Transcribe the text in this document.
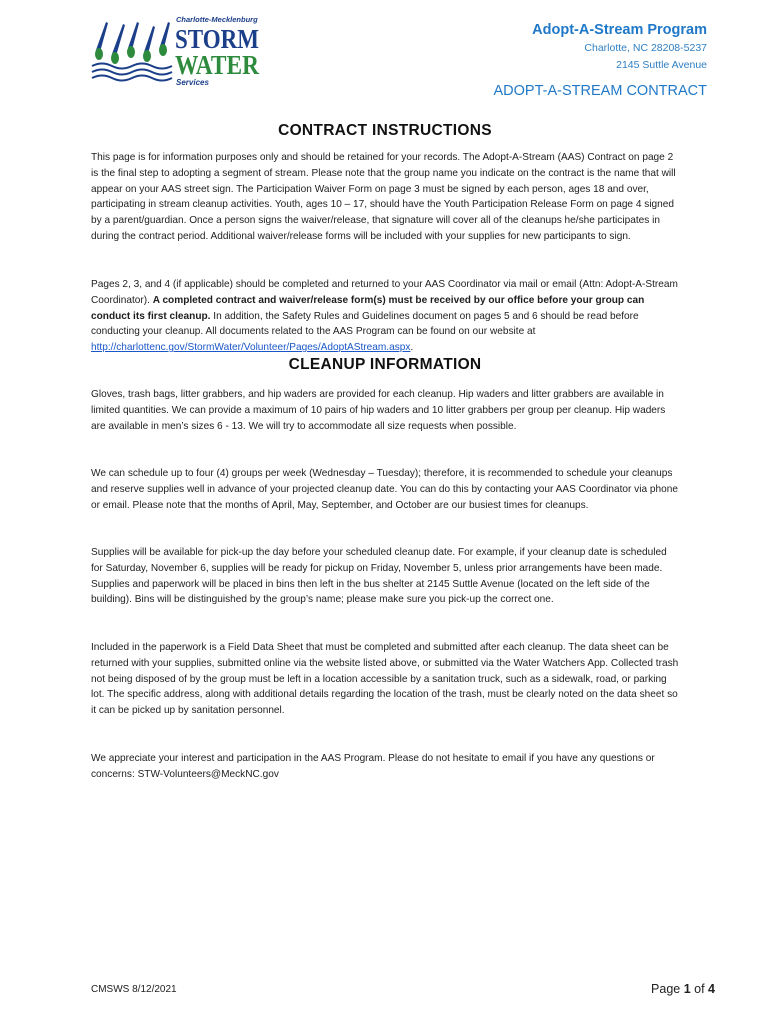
Charlotte-Mecklenburg
STORM
WATER
Services
Adopt-A-Stream Program
Charlotte, NC 28208-5237
2145 Suttle Avenue
ADOPT-A-STREAM CONTRACT
CONTRACT INSTRUCTIONS

This page is for information purposes only and should be retained for your records. The Adopt-A-Stream (AAS) Contract on page 2 is the final step to adopting a segment of stream. Please note that the group name you indicate on the contract is the name that will appear on your AAS street sign. The Participation Waiver Form on page 3 must be signed by each person, ages 18 and over, participating in stream cleanup activities. Youth, ages 10 – 17, should have the Youth Participation Release Form on page 4 signed by a parent/guardian. Once a person signs the waiver/release, that signature will cover all of the cleanups he/she participates in during the contract period. Additional waiver/release forms will be included with your supplies for new participants to sign.

Pages 2, 3, and 4 (if applicable) should be completed and returned to your AAS Coordinator via mail or email (Attn: Adopt-A-Stream Coordinator). A completed contract and waiver/release form(s) must be received by our office before your group can conduct its first cleanup. In addition, the Safety Rules and Guidelines document on pages 5 and 6 should be read before conducting your cleanup. All documents related to the AAS Program can be found on our website at http://charlottenc.gov/StormWater/Volunteer/Pages/AdoptAStream.aspx.

CLEANUP INFORMATION

Gloves, trash bags, litter grabbers, and hip waders are provided for each cleanup. Hip waders and litter grabbers are available in limited quantities. We can provide a maximum of 10 pairs of hip waders and 10 litter grabbers per group per cleanup. Hip waders are available in men’s sizes 6 - 13. We will try to accommodate all size requests when possible.

We can schedule up to four (4) groups per week (Wednesday – Tuesday); therefore, it is recommended to schedule your cleanups and reserve supplies well in advance of your projected cleanup date. You can do this by contacting your AAS Coordinator via phone or email. Please note that the months of April, May, September, and October are our busiest times for cleanups.

Supplies will be available for pick-up the day before your scheduled cleanup date. For example, if your cleanup date is scheduled for Saturday, November 6, supplies will be ready for pickup on Friday, November 5, unless prior arrangements have been made. Supplies and paperwork will be placed in bins then left in the bus shelter at 2145 Suttle Avenue (located on the left side of the building). Bins will be distinguished by the group’s name; please make sure you pick-up the correct one.

Included in the paperwork is a Field Data Sheet that must be completed and submitted after each cleanup. The data sheet can be returned with your supplies, submitted online via the website listed above, or submitted via the Water Watchers App. Collected trash not being disposed of by the group must be left in a location accessible by a sanitation truck, such as a sidewalk, road, or parking lot. The specific address, along with additional details regarding the location of the trash, must be clearly noted on the data sheet so it can be picked up by sanitation personnel.

We appreciate your interest and participation in the AAS Program. Please do not hesitate to email if you have any questions or concerns: STW-Volunteers@MeckNC.gov

CMSWS 8/12/2021	Page 1 of 4
